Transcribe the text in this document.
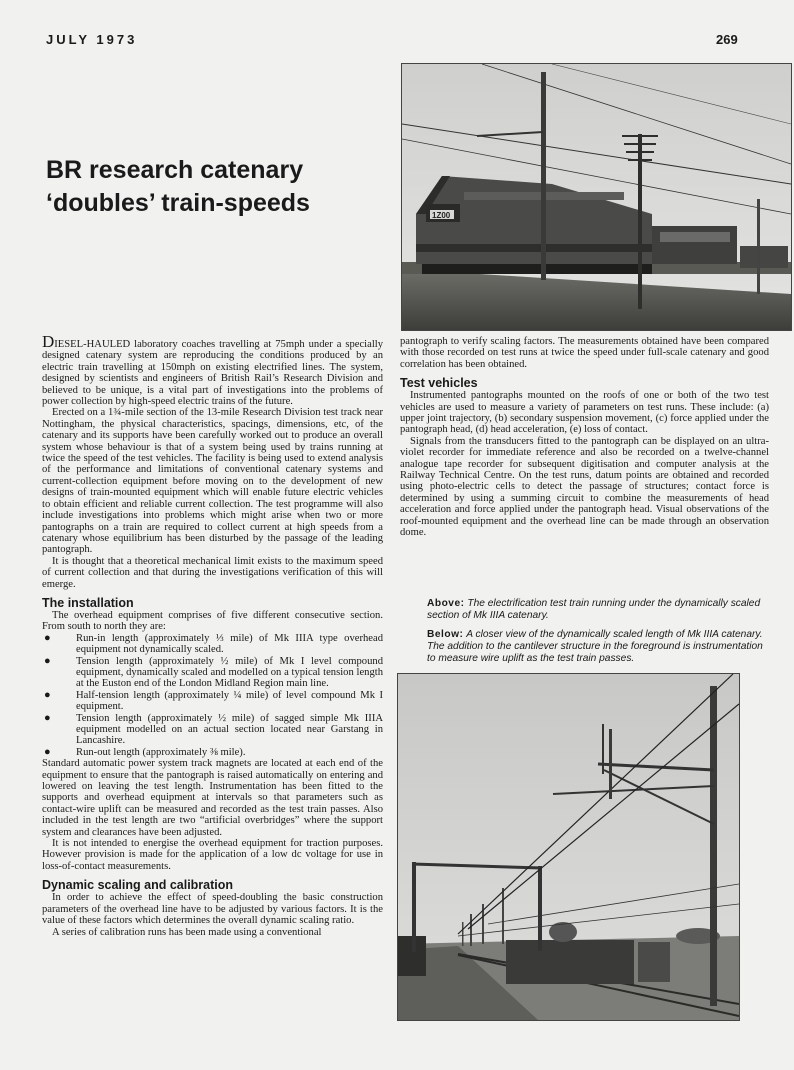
JULY 1973	269
BR research catenary
‘doubles’ train-speeds	1Z00

DIESEL-HAULED laboratory coaches travelling at 75mph under a specially designed catenary system are reproducing the conditions produced by an electric train travelling at 150mph on existing electrified lines. The system, designed by scientists and engineers of British Rail’s Research Division and believed to be unique, is a vital part of investigations into the problems of power collection by high-speed electric trains of the future.

Erected on a 1¾-mile section of the 13-mile Research Division test track near Nottingham, the physical characteristics, spacings, dimensions, etc, of the catenary and its supports have been carefully worked out to produce an overall system whose behaviour is that of a system being used by trains running at twice the speed of the test vehicles. The facility is being used to extend analysis of the performance and limitations of conventional catenary systems and current-collection equipment before moving on to the development of new designs of train-mounted equipment which will enable future electric vehicles to obtain efficient and reliable current collection. The test programme will also include investigations into problems which might arise when two or more pantographs on a train are required to collect current at high speeds from a catenary whose equilibrium has been disturbed by the passage of the leading pantograph.

It is thought that a theoretical mechanical limit exists to the maximum speed of current collection and that during the investigations verification of this will emerge.

The installation

The overhead equipment comprises of five different consecutive section. From south to north they are:

● Run-in length (approximately ⅓ mile) of Mk IIIA type overhead equipment not dynamically scaled.
● Tension length (approximately ½ mile) of Mk I level compound equipment, dynamically scaled and modelled on a typical tension length at the Euston end of the London Midland Region main line.
● Half-tension length (approximately ¼ mile) of level compound Mk I equipment.
● Tension length (approximately ½ mile) of sagged simple Mk IIIA equipment modelled on an actual section located near Garstang in Lancashire.
● Run-out length (approximately ⅜ mile).

Standard automatic power system track magnets are located at each end of the equipment to ensure that the pantograph is raised automatically on entering and lowered on leaving the test length. Instrumentation has been fitted to the supports and overhead equipment at intervals so that parameters such as contact-wire uplift can be measured and recorded as the test train passes. Also included in the test length are two “artificial overbridges” where the support system and clearances have been adjusted.

It is not intended to energise the overhead equipment for traction purposes. However provision is made for the application of a low dc voltage for use in loss-of-contact measurements.

Dynamic scaling and calibration

In order to achieve the effect of speed-doubling the basic construction parameters of the overhead line have to be adjusted by various factors. It is the value of these factors which determines the overall dynamic scaling ratio.

A series of calibration runs has been made using a conventional

pantograph to verify scaling factors. The measurements obtained have been compared with those recorded on test runs at twice the speed under full-scale catenary and good correlation has been obtained.

Test vehicles

Instrumented pantographs mounted on the roofs of one or both of the two test vehicles are used to measure a variety of parameters on test runs. These include: (a) upper joint trajectory, (b) secondary suspension movement, (c) force applied under the pantograph head, (d) head acceleration, (e) loss of contact.

Signals from the transducers fitted to the pantograph can be displayed on an ultra-violet recorder for immediate reference and also be recorded on a twelve-channel analogue tape recorder for subsequent digitisation and computer analysis at the Railway Technical Centre. On the test runs, datum points are obtained and recorded using photo-electric cells to detect the passage of structures; contact force is determined by using a summing circuit to combine the measurements of head acceleration and force applied under the pantograph head. Visual observations of the roof-mounted equipment and the overhead line can be made through an observation dome.

Above: The electrification test train running under the dynamically scaled section of Mk IIIA catenary.

Below: A closer view of the dynamically scaled length of Mk IIIA catenary. The addition to the cantilever structure in the foreground is instrumentation to measure wire uplift as the test train passes.
